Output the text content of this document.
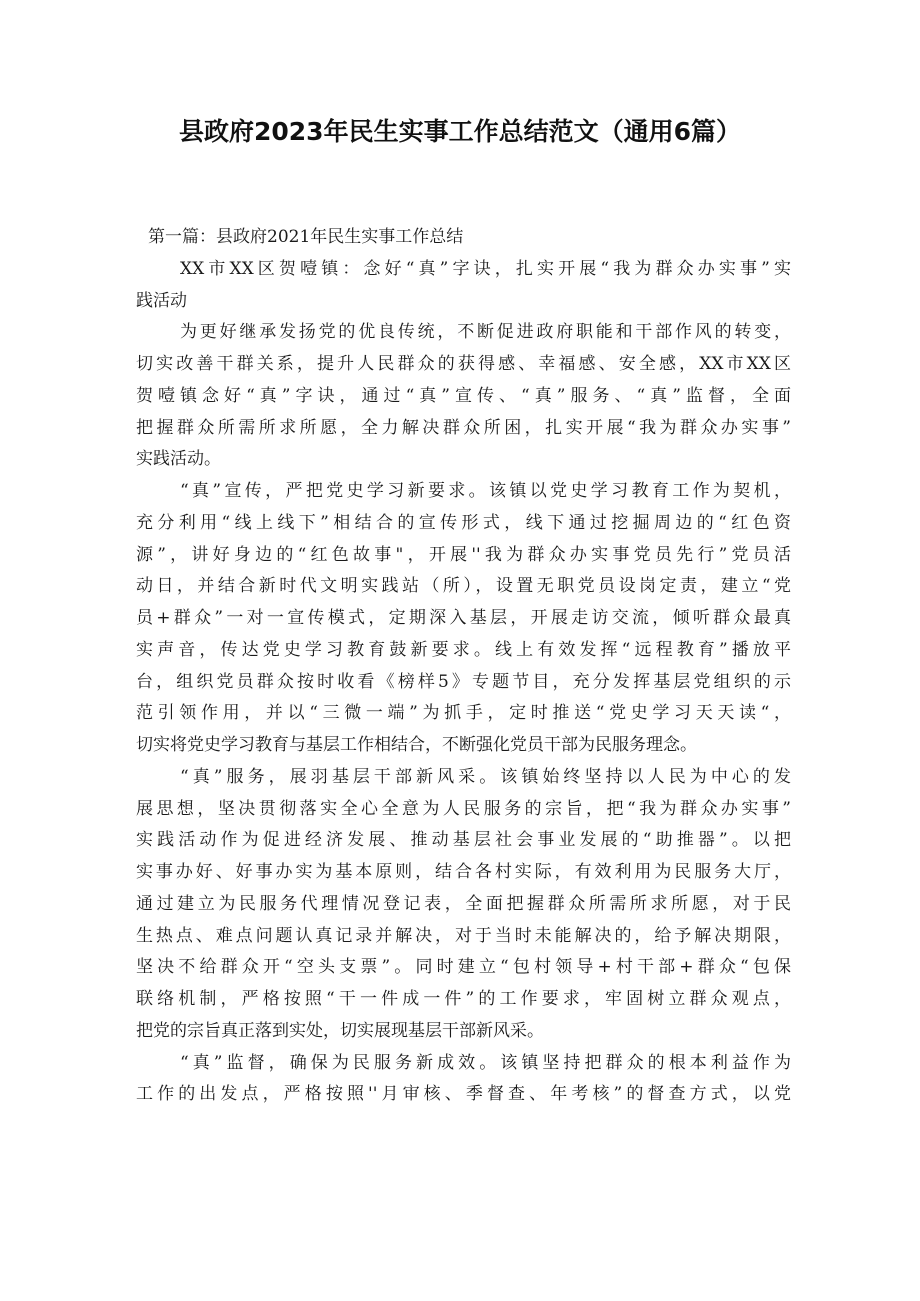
县政府2023年民生实事工作总结范文（通用6篇）
第一篇：县政府2021年民生实事工作总结
XX市XX区贺噎镇：念好“真”字诀，扎实开展“我为群众办实事”实
践活动
为更好继承发扬党的优良传统，不断促进政府职能和干部作风的转变，
切实改善干群关系，提升人民群众的获得感、幸福感、安全感，XX市XX区
贺噎镇念好“真”字诀，通过“真”宣传、“真”服务、“真”监督，全面
把握群众所需所求所愿，全力解决群众所困，扎实开展“我为群众办实事”
实践活动。
“真”宣传，严把党史学习新要求。该镇以党史学习教育工作为契机，
充分利用“线上线下”相结合的宣传形式，线下通过挖掘周边的“红色资
源”，讲好身边的“红色故事"，开展''我为群众办实事党员先行”党员活
动日，并结合新时代文明实践站（所），设置无职党员设岗定责，建立“党
员+群众”一对一宣传模式，定期深入基层，开展走访交流，倾听群众最真
实声音，传达党史学习教育鼓新要求。线上有效发挥“远程教育”播放平
台，组织党员群众按时收看《榜样5》专题节目，充分发挥基层党组织的示
范引领作用，并以“三微一端”为抓手，定时推送“党史学习天天读“，
切实将党史学习教育与基层工作相结合，不断强化党员干部为民服务理念。
“真”服务，展羽基层干部新风采。该镇始终坚持以人民为中心的发
展思想，坚决贯彻落实全心全意为人民服务的宗旨，把“我为群众办实事”
实践活动作为促进经济发展、推动基层社会事业发展的“助推器”。以把
实事办好、好事办实为基本原则，结合各村实际，有效利用为民服务大厅，
通过建立为民服务代理情况登记表，全面把握群众所需所求所愿，对于民
生热点、难点问题认真记录并解决，对于当时未能解决的，给予解决期限，
坚决不给群众开“空头支票”。同时建立“包村领导+村干部+群众“包保
联络机制，严格按照“干一件成一件”的工作要求，牢固树立群众观点，
把党的宗旨真正落到实处，切实展现基层干部新风采。
“真”监督，确保为民服务新成效。该镇坚持把群众的根本利益作为
工作的出发点，严格按照''月审核、季督查、年考核”的督查方式，以党
